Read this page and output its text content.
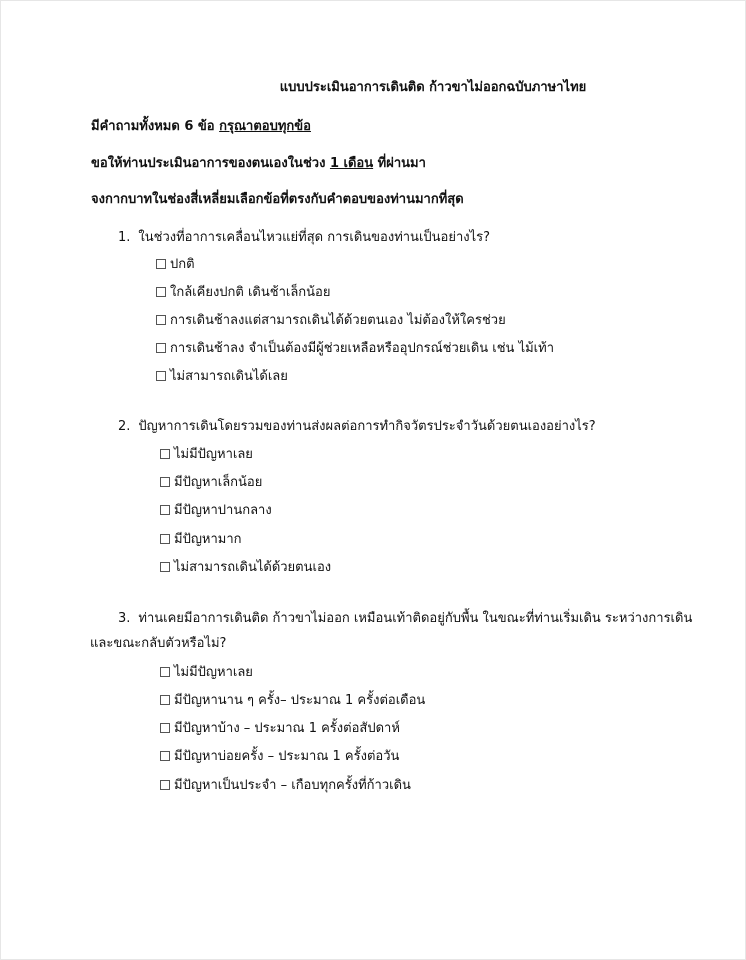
แบบประเมินอาการเดินติด ก้าวขาไม่ออกฉบับภาษาไทย
มีคำถามทั้งหมด 6 ข้อ กรุณาตอบทุกข้อ
ขอให้ท่านประเมินอาการของตนเองในช่วง 1 เดือน ที่ผ่านมา
จงกากบาทในช่องสี่เหลี่ยมเลือกข้อที่ตรงกับคำตอบของท่านมากที่สุด
1. ในช่วงที่อาการเคลื่อนไหวแย่ที่สุด การเดินของท่านเป็นอย่างไร?
ปกติ
ใกล้เคียงปกติ เดินช้าเล็กน้อย
การเดินช้าลงแต่สามารถเดินได้ด้วยตนเอง ไม่ต้องให้ใครช่วย
การเดินช้าลง จำเป็นต้องมีผู้ช่วยเหลือหรืออุปกรณ์ช่วยเดิน เช่น ไม้เท้า
ไม่สามารถเดินได้เลย
2. ปัญหาการเดินโดยรวมของท่านส่งผลต่อการทำกิจวัตรประจำวันด้วยตนเองอย่างไร?
ไม่มีปัญหาเลย
มีปัญหาเล็กน้อย
มีปัญหาปานกลาง
มีปัญหามาก
ไม่สามารถเดินได้ด้วยตนเอง
3. ท่านเคยมีอาการเดินติด ก้าวขาไม่ออก เหมือนเท้าติดอยู่กับพื้น ในขณะที่ท่านเริ่มเดิน ระหว่างการเดิน
และขณะกลับตัวหรือไม่?
ไม่มีปัญหาเลย
มีปัญหานาน ๆ ครั้ง– ประมาณ 1 ครั้งต่อเดือน
มีปัญหาบ้าง – ประมาณ 1 ครั้งต่อสัปดาห์
มีปัญหาบ่อยครั้ง – ประมาณ 1 ครั้งต่อวัน
มีปัญหาเป็นประจำ – เกือบทุกครั้งที่ก้าวเดิน
